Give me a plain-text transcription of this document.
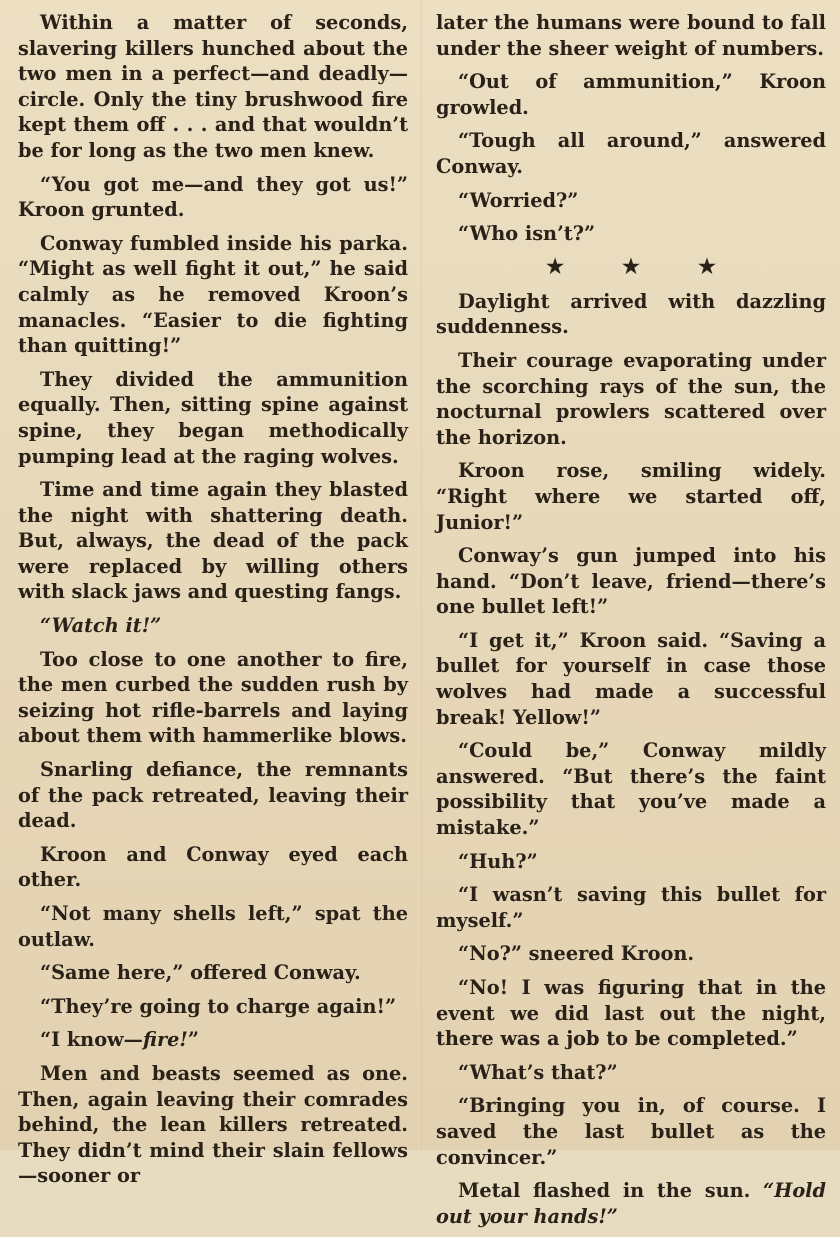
Within a matter of seconds, slavering killers hunched about the two men in a perfect—and deadly—circle. Only the tiny brushwood fire kept them off . . . and that wouldn’t be for long as the two men knew.

“You got me—and they got us!” Kroon grunted.

Conway fumbled inside his parka. “Might as well fight it out,” he said calmly as he removed Kroon’s manacles. “Easier to die fighting than quitting!”

They divided the ammunition equally. Then, sitting spine against spine, they began methodically pumping lead at the raging wolves.

Time and time again they blasted the night with shattering death. But, always, the dead of the pack were replaced by willing others with slack jaws and questing fangs.

“Watch it!”

Too close to one another to fire, the men curbed the sudden rush by seizing hot rifle-barrels and laying about them with hammerlike blows.

Snarling defiance, the remnants of the pack retreated, leaving their dead.

Kroon and Conway eyed each other.

“Not many shells left,” spat the outlaw.

“Same here,” offered Conway.

“They’re going to charge again!”

“I know—fire!”

Men and beasts seemed as one. Then, again leaving their comrades behind, the lean killers retreated. They didn’t mind their slain fellows—sooner or

later the humans were bound to fall under the sheer weight of numbers.

“Out of ammunition,” Kroon growled.

“Tough all around,” answered Conway.

“Worried?”

“Who isn’t?”

★	★	★

Daylight arrived with dazzling suddenness.

Their courage evaporating under the scorching rays of the sun, the nocturnal prowlers scattered over the horizon.

Kroon rose, smiling widely. “Right where we started off, Junior!”

Conway’s gun jumped into his hand. “Don’t leave, friend—there’s one bullet left!”

“I get it,” Kroon said. “Saving a bullet for yourself in case those wolves had made a successful break! Yellow!”

“Could be,” Conway mildly answered. “But there’s the faint possibility that you’ve made a mistake.”

“Huh?”

“I wasn’t saving this bullet for myself.”

“No?” sneered Kroon.

“No! I was figuring that in the event we did last out the night, there was a job to be completed.”

“What’s that?”

“Bringing you in, of course. I saved the last bullet as the convincer.”

Metal flashed in the sun. “Hold out your hands!”
